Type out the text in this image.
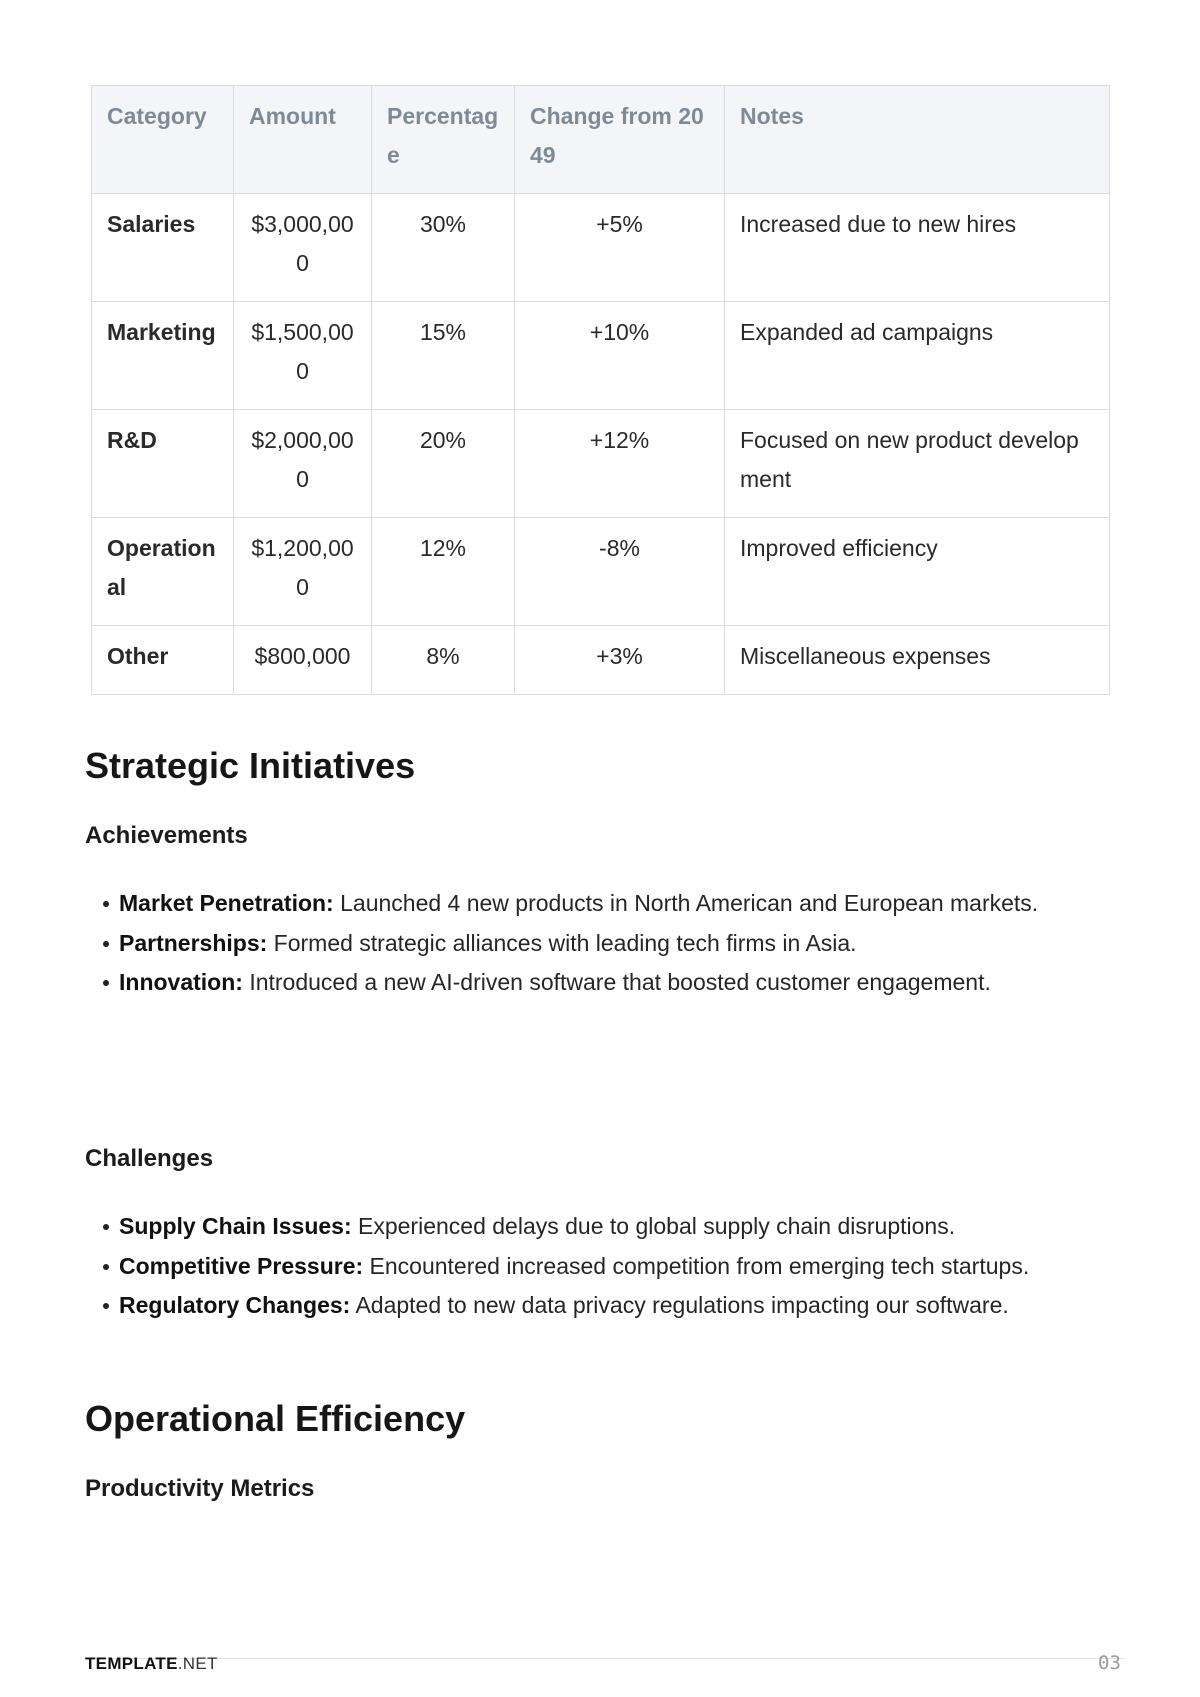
Category	Amount	Percentage	Change from 2049	Notes
Salaries	$3,000,000	30%	+5%	Increased due to new hires
Marketing	$1,500,000	15%	+10%	Expanded ad campaigns
R&D	$2,000,000	20%	+12%	Focused on new product development
Operational	$1,200,000	12%	-8%	Improved efficiency
Other	$800,000	8%	+3%	Miscellaneous expenses
Strategic Initiatives
Achievements
Market Penetration: Launched 4 new products in North American and European markets.
Partnerships: Formed strategic alliances with leading tech firms in Asia.
Innovation: Introduced a new AI-driven software that boosted customer engagement.
Challenges
Supply Chain Issues: Experienced delays due to global supply chain disruptions.
Competitive Pressure: Encountered increased competition from emerging tech startups.
Regulatory Changes: Adapted to new data privacy regulations impacting our software.
Operational Efficiency
Productivity Metrics
TEMPLATE.NET	03
